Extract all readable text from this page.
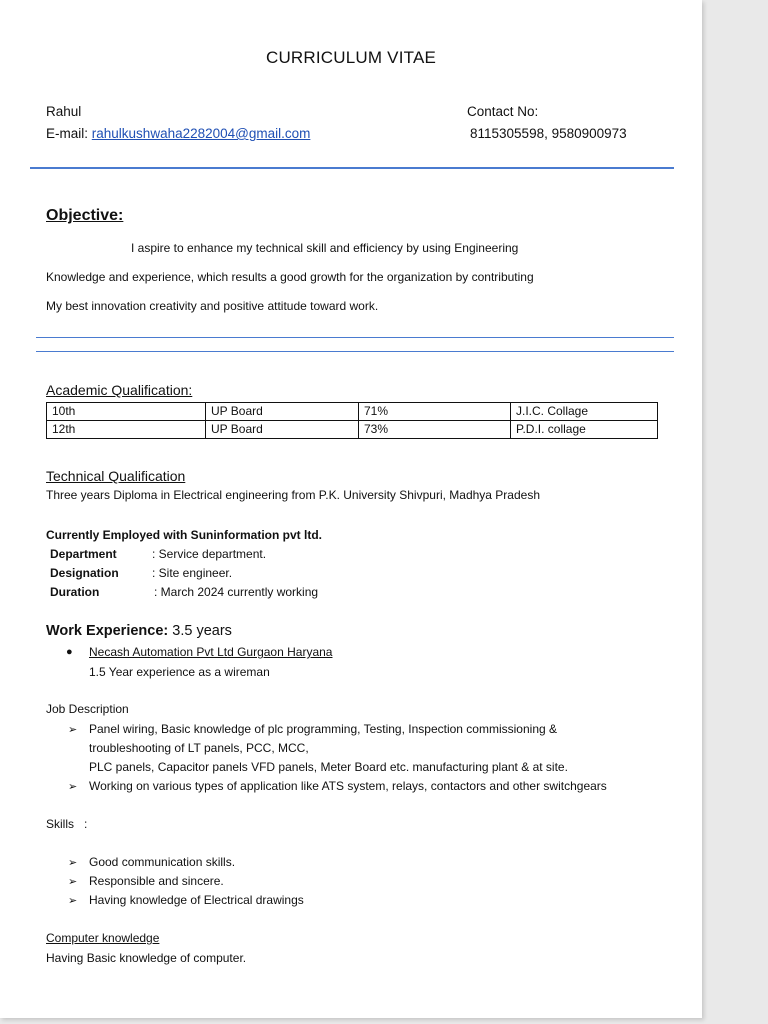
CURRICULUM VITAE
Rahul
E-mail: rahulkushwaha2282004@gmail.com
Contact No:
8115305598, 9580900973
Objective:
I aspire to enhance my technical skill and efficiency by using Engineering
Knowledge and experience, which results a good growth for the organization by contributing
My best innovation creativity and positive attitude toward work.
Academic Qualification:
10th	UP Board	71%	J.I.C. Collage
12th	UP Board	73%	P.D.I. collage
Technical Qualification
Three years Diploma in Electrical engineering from P.K. University Shivpuri, Madhya Pradesh
Currently Employed with Suninformation pvt ltd.
Department	: Service department.
Designation	: Site engineer.
Duration	: March 2024 currently working
Work Experience: 3.5 years
● Necash Automation Pvt Ltd Gurgaon Haryana
1.5 Year experience as a wireman
Job Description
➢ Panel wiring, Basic knowledge of plc programming, Testing, Inspection commissioning &
troubleshooting of LT panels, PCC, MCC,
PLC panels, Capacitor panels VFD panels, Meter Board etc. manufacturing plant & at site.
➢ Working on various types of application like ATS system, relays, contactors and other switchgears
Skills   :
➢ Good communication skills.
➢ Responsible and sincere.
➢ Having knowledge of Electrical drawings
Computer knowledge
Having Basic knowledge of computer.
